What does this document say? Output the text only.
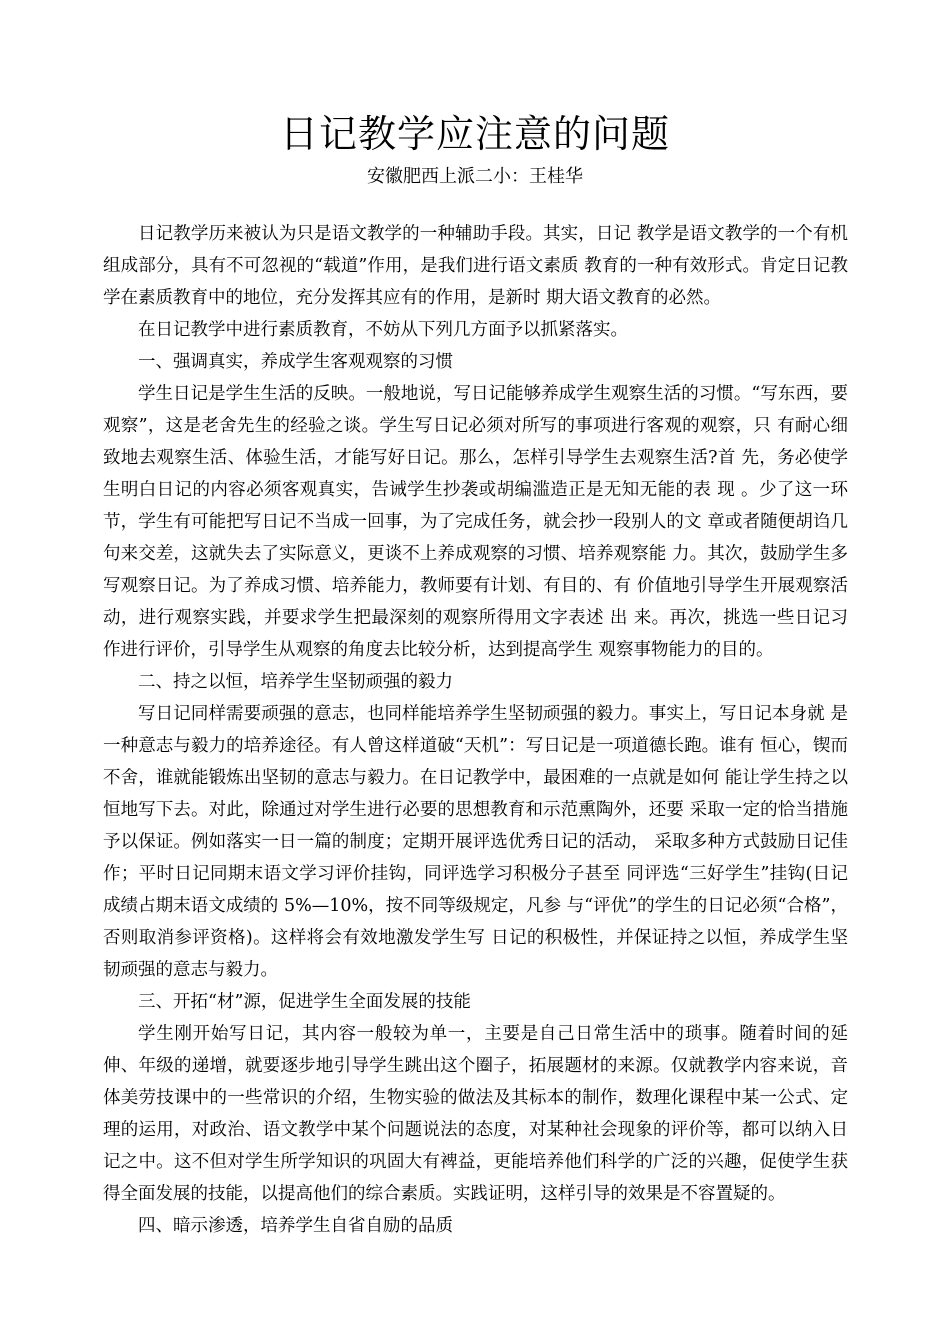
日记教学应注意的问题
安徽肥西上派二小：王桂华

日记教学历来被认为只是语文教学的一种辅助手段。其实，日记 教学是语文教学的一个有机组成部分，具有不可忽视的“载道”作用，是我们进行语文素质 教育的一种有效形式。肯定日记教学在素质教育中的地位，充分发挥其应有的作用，是新时 期大语文教育的必然。

在日记教学中进行素质教育，不妨从下列几方面予以抓紧落实。

一、强调真实，养成学生客观观察的习惯

学生日记是学生生活的反映。一般地说，写日记能够养成学生观察生活的习惯。“写东西，要观察”，这是老舍先生的经验之谈。学生写日记必须对所写的事项进行客观的观察，只 有耐心细致地去观察生活、体验生活，才能写好日记。那么，怎样引导学生去观察生活?首 先，务必使学生明白日记的内容必须客观真实，告诫学生抄袭或胡编滥造正是无知无能的表 现 。少了这一环节，学生有可能把写日记不当成一回事，为了完成任务，就会抄一段别人的文 章或者随便胡诌几句来交差，这就失去了实际意义，更谈不上养成观察的习惯、培养观察能 力。其次，鼓励学生多写观察日记。为了养成习惯、培养能力，教师要有计划、有目的、有 价值地引导学生开展观察活动，进行观察实践，并要求学生把最深刻的观察所得用文字表述 出 来。再次，挑选一些日记习作进行评价，引导学生从观察的角度去比较分析，达到提高学生 观察事物能力的目的。

二、持之以恒，培养学生坚韧顽强的毅力

写日记同样需要顽强的意志，也同样能培养学生坚韧顽强的毅力。事实上，写日记本身就 是 一种意志与毅力的培养途径。有人曾这样道破“天机”：写日记是一项道德长跑。谁有 恒心，锲而不舍，谁就能锻炼出坚韧的意志与毅力。在日记教学中，最困难的一点就是如何 能让学生持之以恒地写下去。对此，除通过对学生进行必要的思想教育和示范熏陶外，还要 采取一定的恰当措施予以保证。例如落实一日一篇的制度；定期开展评选优秀日记的活动， 采取多种方式鼓励日记佳作；平时日记同期末语文学习评价挂钩，同评选学习积极分子甚至 同评选“三好学生”挂钩(日记成绩占期末语文成绩的 5%—10%，按不同等级规定，凡参 与“评优”的学生的日记必须“合格”，否则取消参评资格)。这样将会有效地激发学生写 日记的积极性，并保证持之以恒，养成学生坚韧顽强的意志与毅力。

三、开拓“材”源，促进学生全面发展的技能

学生刚开始写日记，其内容一般较为单一，主要是自己日常生活中的琐事。随着时间的延伸、年级的递增，就要逐步地引导学生跳出这个圈子，拓展题材的来源。仅就教学内容来说，音体美劳技课中的一些常识的介绍，生物实验的做法及其标本的制作，数理化课程中某一公式、定理的运用，对政治、语文教学中某个问题说法的态度，对某种社会现象的评价等，都可以纳入日记之中。这不但对学生所学知识的巩固大有裨益，更能培养他们科学的广泛的兴趣，促使学生获得全面发展的技能，以提高他们的综合素质。实践证明，这样引导的效果是不容置疑的。

四、暗示渗透，培养学生自省自励的品质
